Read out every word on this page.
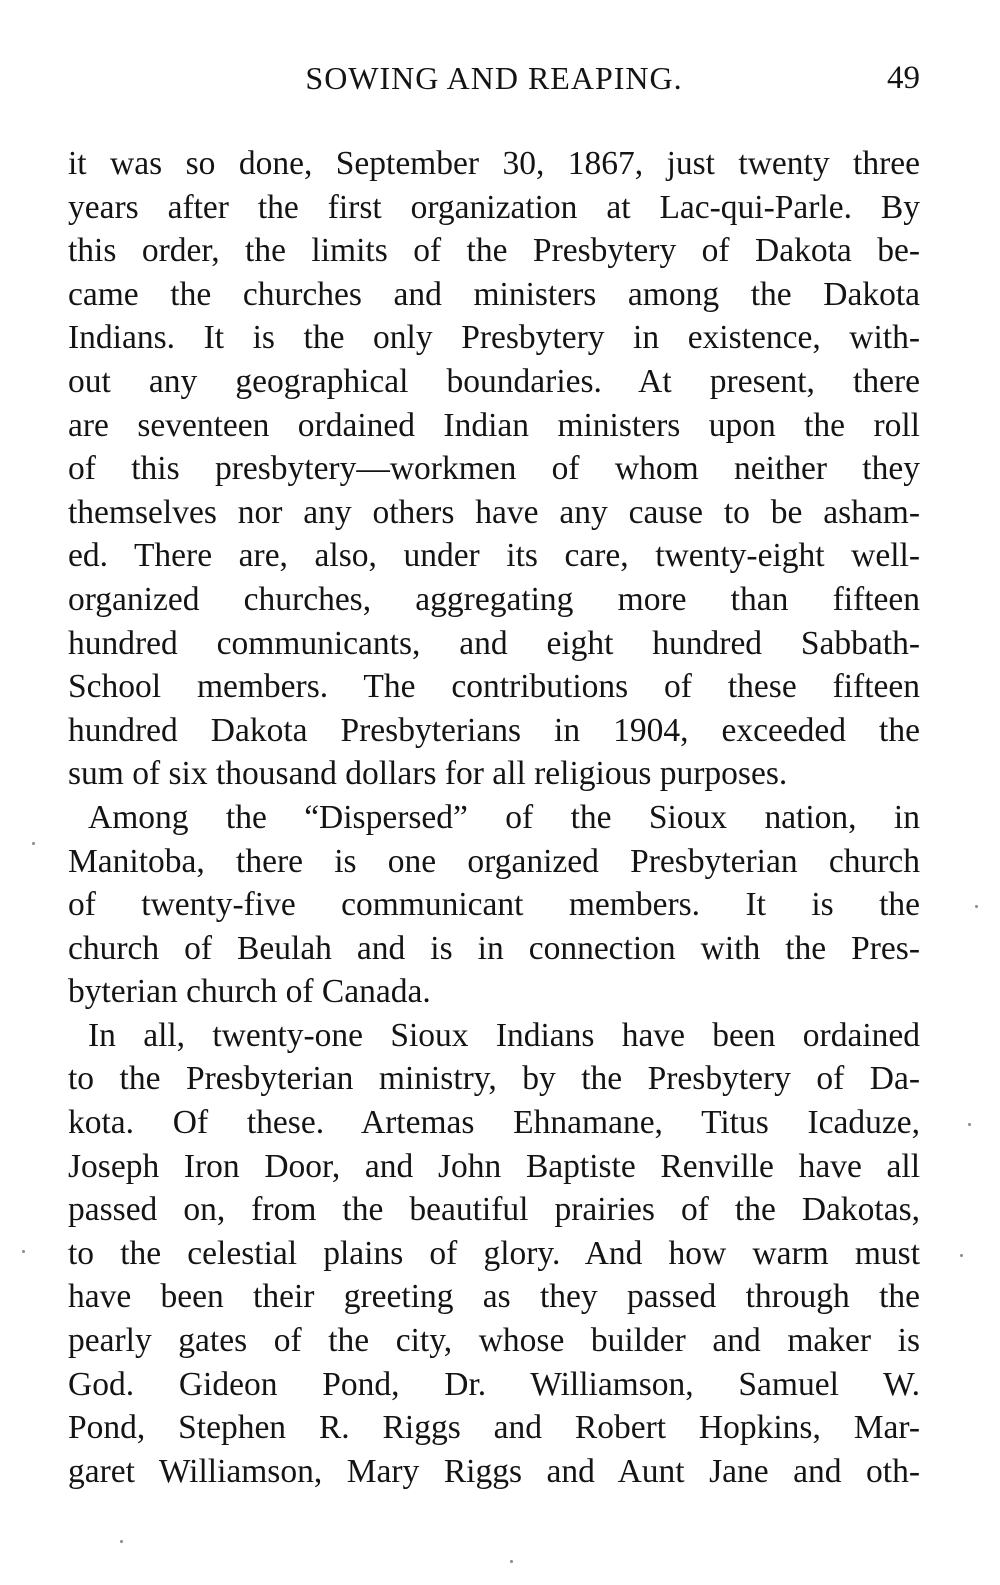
SOWING AND REAPING.	49
it was so done, September 30, 1867, just twenty three
years after the first organization at Lac-qui-Parle. By
this order, the limits of the Presbytery of Dakota be-
came the churches and ministers among the Dakota
Indians. It is the only Presbytery in existence, with-
out any geographical boundaries. At present, there
are seventeen ordained Indian ministers upon the roll
of this presbytery—workmen of whom neither they
themselves nor any others have any cause to be asham-
ed. There are, also, under its care, twenty-eight well-
organized churches, aggregating more than fifteen
hundred communicants, and eight hundred Sabbath-
School members. The contributions of these fifteen
hundred Dakota Presbyterians in 1904, exceeded the
sum of six thousand dollars for all religious purposes.
Among the “Dispersed” of the Sioux nation, in
Manitoba, there is one organized Presbyterian church
of twenty-five communicant members. It is the
church of Beulah and is in connection with the Pres-
byterian church of Canada.
In all, twenty-one Sioux Indians have been ordained
to the Presbyterian ministry, by the Presbytery of Da-
kota. Of these. Artemas Ehnamane, Titus Icaduze,
Joseph Iron Door, and John Baptiste Renville have all
passed on, from the beautiful prairies of the Dakotas,
to the celestial plains of glory. And how warm must
have been their greeting as they passed through the
pearly gates of the city, whose builder and maker is
God. Gideon Pond, Dr. Williamson, Samuel W.
Pond, Stephen R. Riggs and Robert Hopkins, Mar-
garet Williamson, Mary Riggs and Aunt Jane and oth-
